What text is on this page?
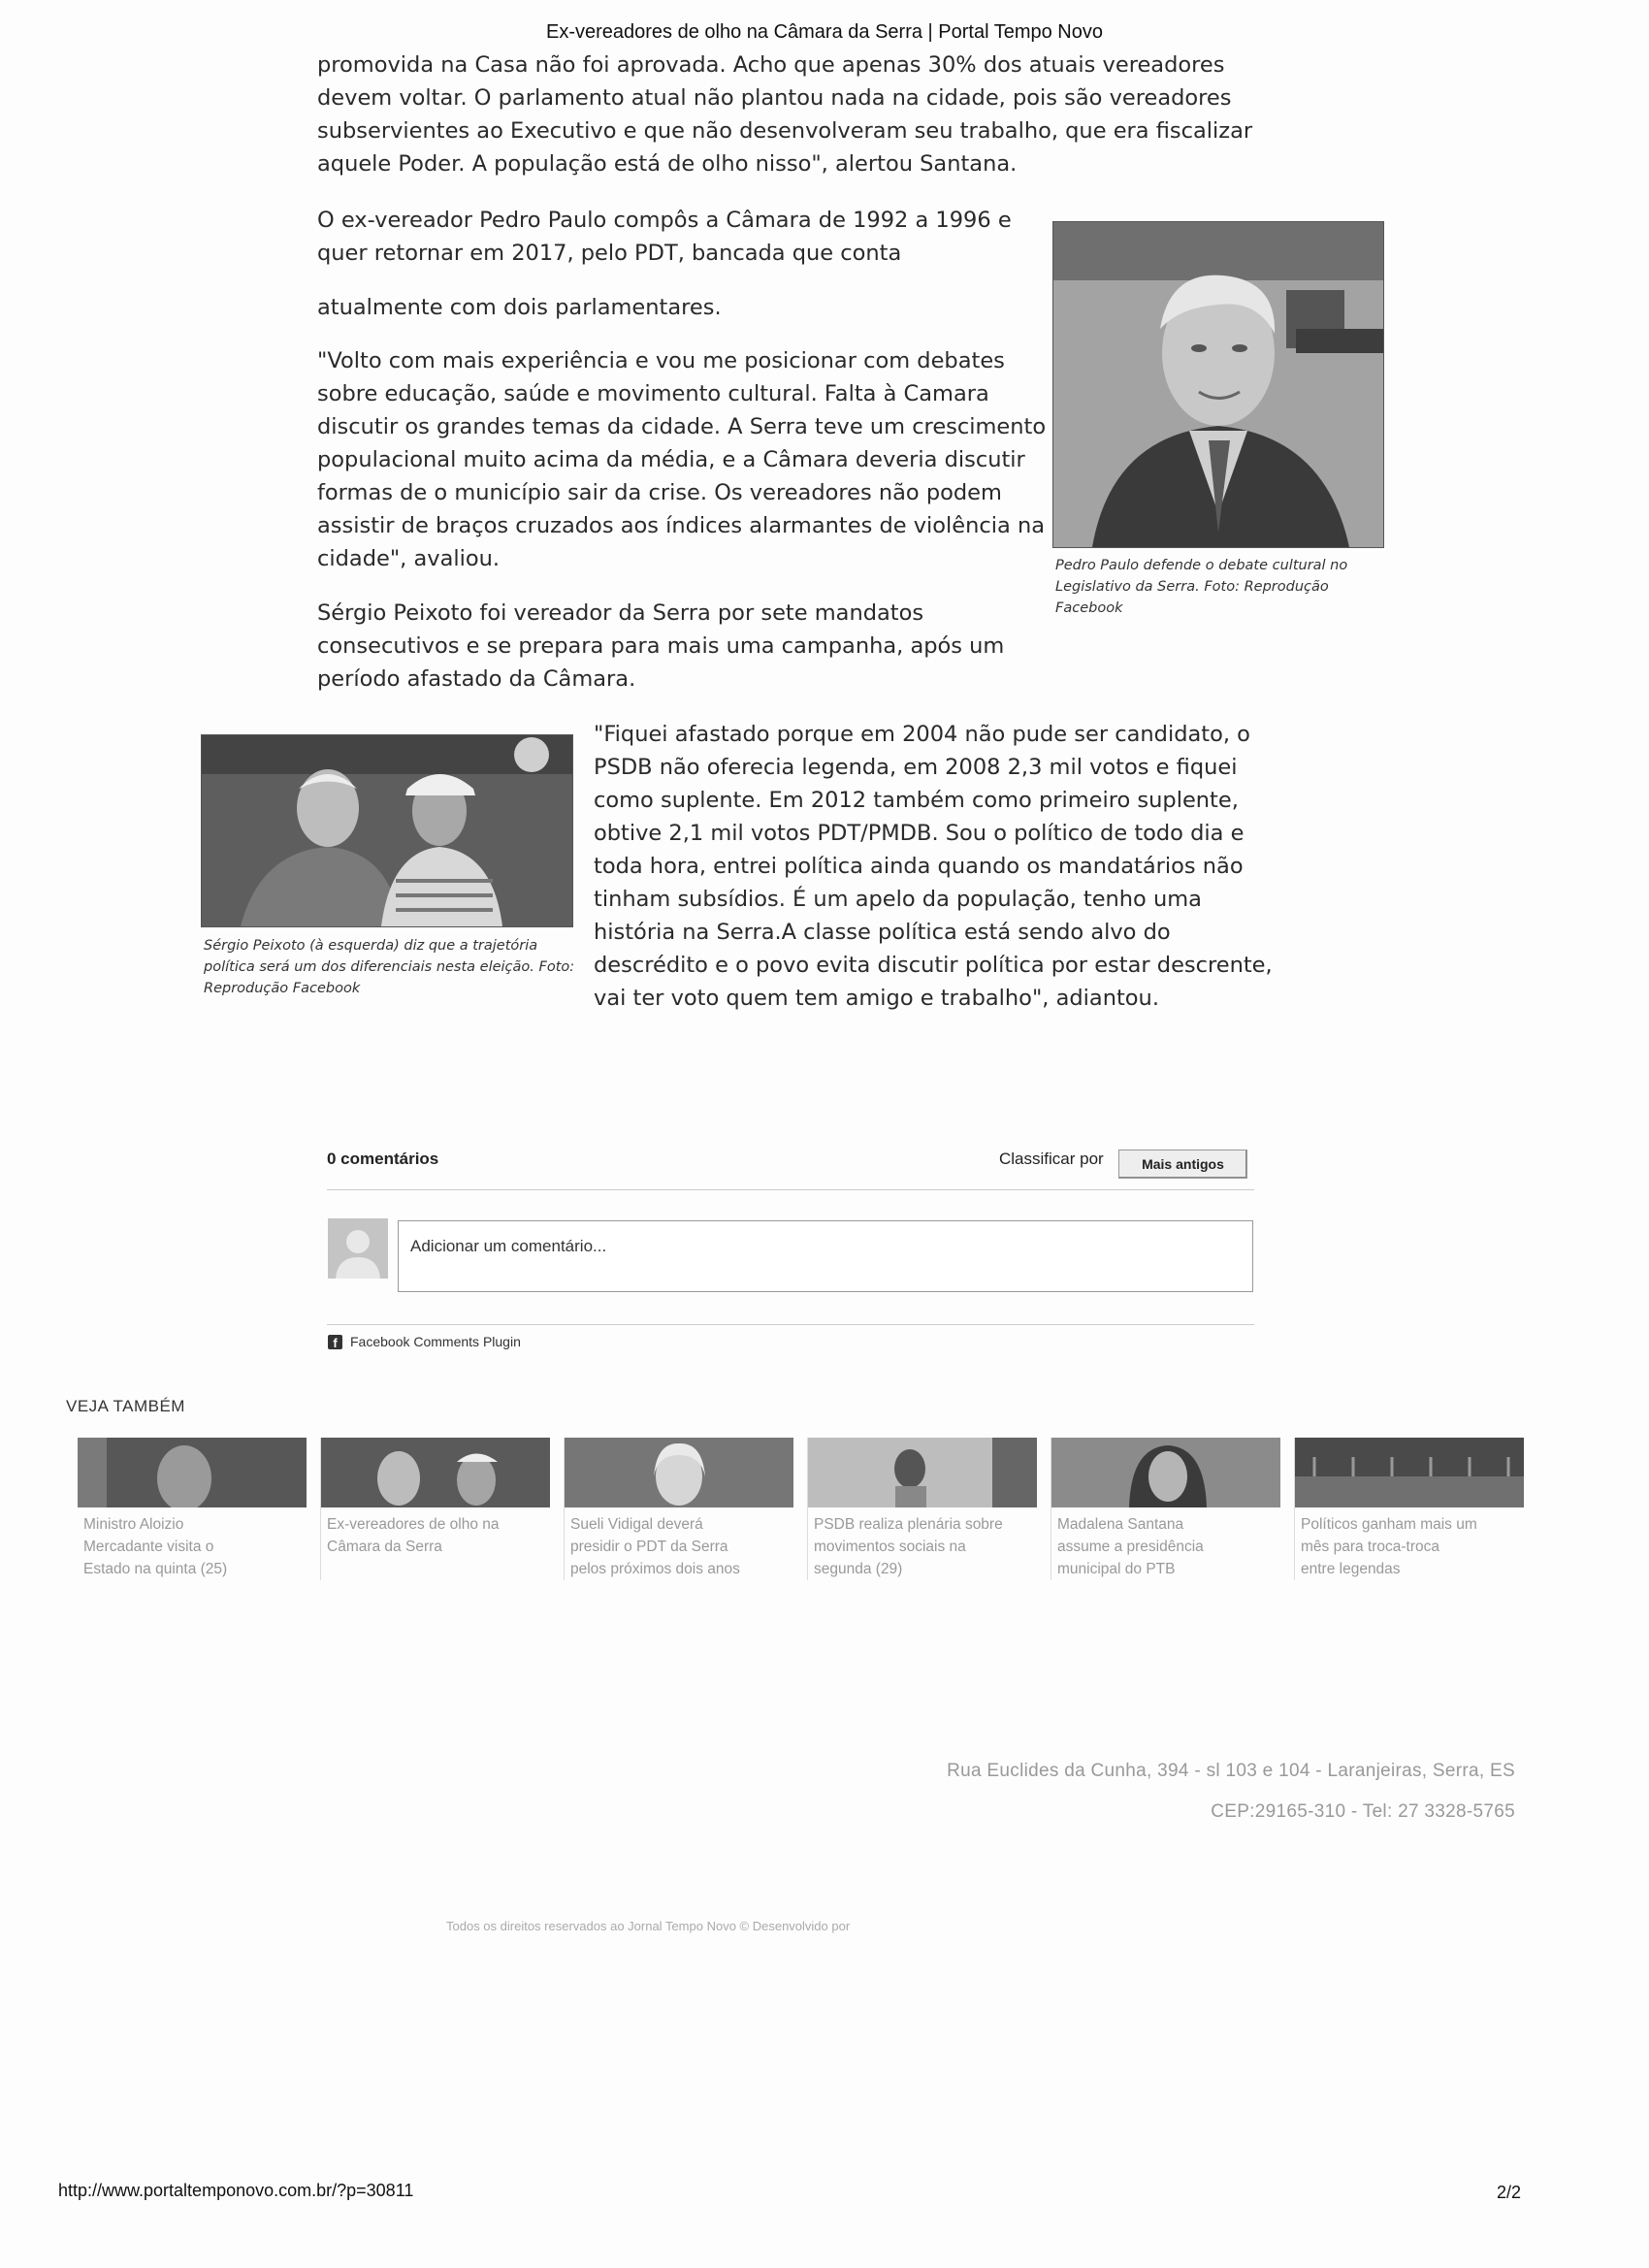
Ex-vereadores de olho na Câmara da Serra | Portal Tempo Novo
promovida na Casa não foi aprovada. Acho que apenas 30% dos atuais vereadores
devem voltar. O parlamento atual não plantou nada na cidade, pois são vereadores
subservientes ao Executivo e que não desenvolveram seu trabalho, que era fiscalizar
aquele Poder. A população está de olho nisso", alertou Santana.
O ex-vereador Pedro Paulo compôs a Câmara de 1992 a 1996 e
quer retornar em 2017, pelo PDT, bancada que conta
atualmente com dois parlamentares.
"Volto com mais experiência e vou me posicionar com debates
sobre educação, saúde e movimento cultural. Falta à Camara
discutir os grandes temas da cidade. A Serra teve um crescimento
populacional muito acima da média, e a Câmara deveria discutir
formas de o município sair da crise. Os vereadores não podem
assistir de braços cruzados aos índices alarmantes de violência na
cidade", avaliou.
Sérgio Peixoto foi vereador da Serra por sete mandatos
consecutivos e se prepara para mais uma campanha, após um
período afastado da Câmara.
Pedro Paulo defende o debate cultural no
Legislativo da Serra. Foto: Reprodução
Facebook
Sérgio Peixoto (à esquerda) diz que a trajetória
política será um dos diferenciais nesta eleição. Foto:
Reprodução Facebook
"Fiquei afastado porque em 2004 não pude ser candidato, o
PSDB não oferecia legenda, em 2008 2,3 mil votos e fiquei
como suplente. Em 2012 também como primeiro suplente,
obtive 2,1 mil votos PDT/PMDB. Sou o político de todo dia e
toda hora, entrei política ainda quando os mandatários não
tinham subsídios. É um apelo da população, tenho uma
história na Serra.A classe política está sendo alvo do
descrédito e o povo evita discutir política por estar descrente,
vai ter voto quem tem amigo e trabalho", adiantou.
0 comentários	Classificar por	Mais antigos
Adicionar um comentário...
f Facebook Comments Plugin
VEJA TAMBÉM
Ministro Aloizio
Mercadante visita o
Estado na quinta (25)
Ex-vereadores de olho na
Câmara da Serra
Sueli Vidigal deverá
presidir o PDT da Serra
pelos próximos dois anos
PSDB realiza plenária sobre
movimentos sociais na
segunda (29)
Madalena Santana
assume a presidência
municipal do PTB
Políticos ganham mais um
mês para troca-troca
entre legendas
Rua Euclides da Cunha, 394 - sl 103 e 104 - Laranjeiras, Serra, ES
CEP:29165-310 - Tel: 27 3328-5765
Todos os direitos reservados ao Jornal Tempo Novo © Desenvolvido por
http://www.portaltemponovo.com.br/?p=30811	2/2
